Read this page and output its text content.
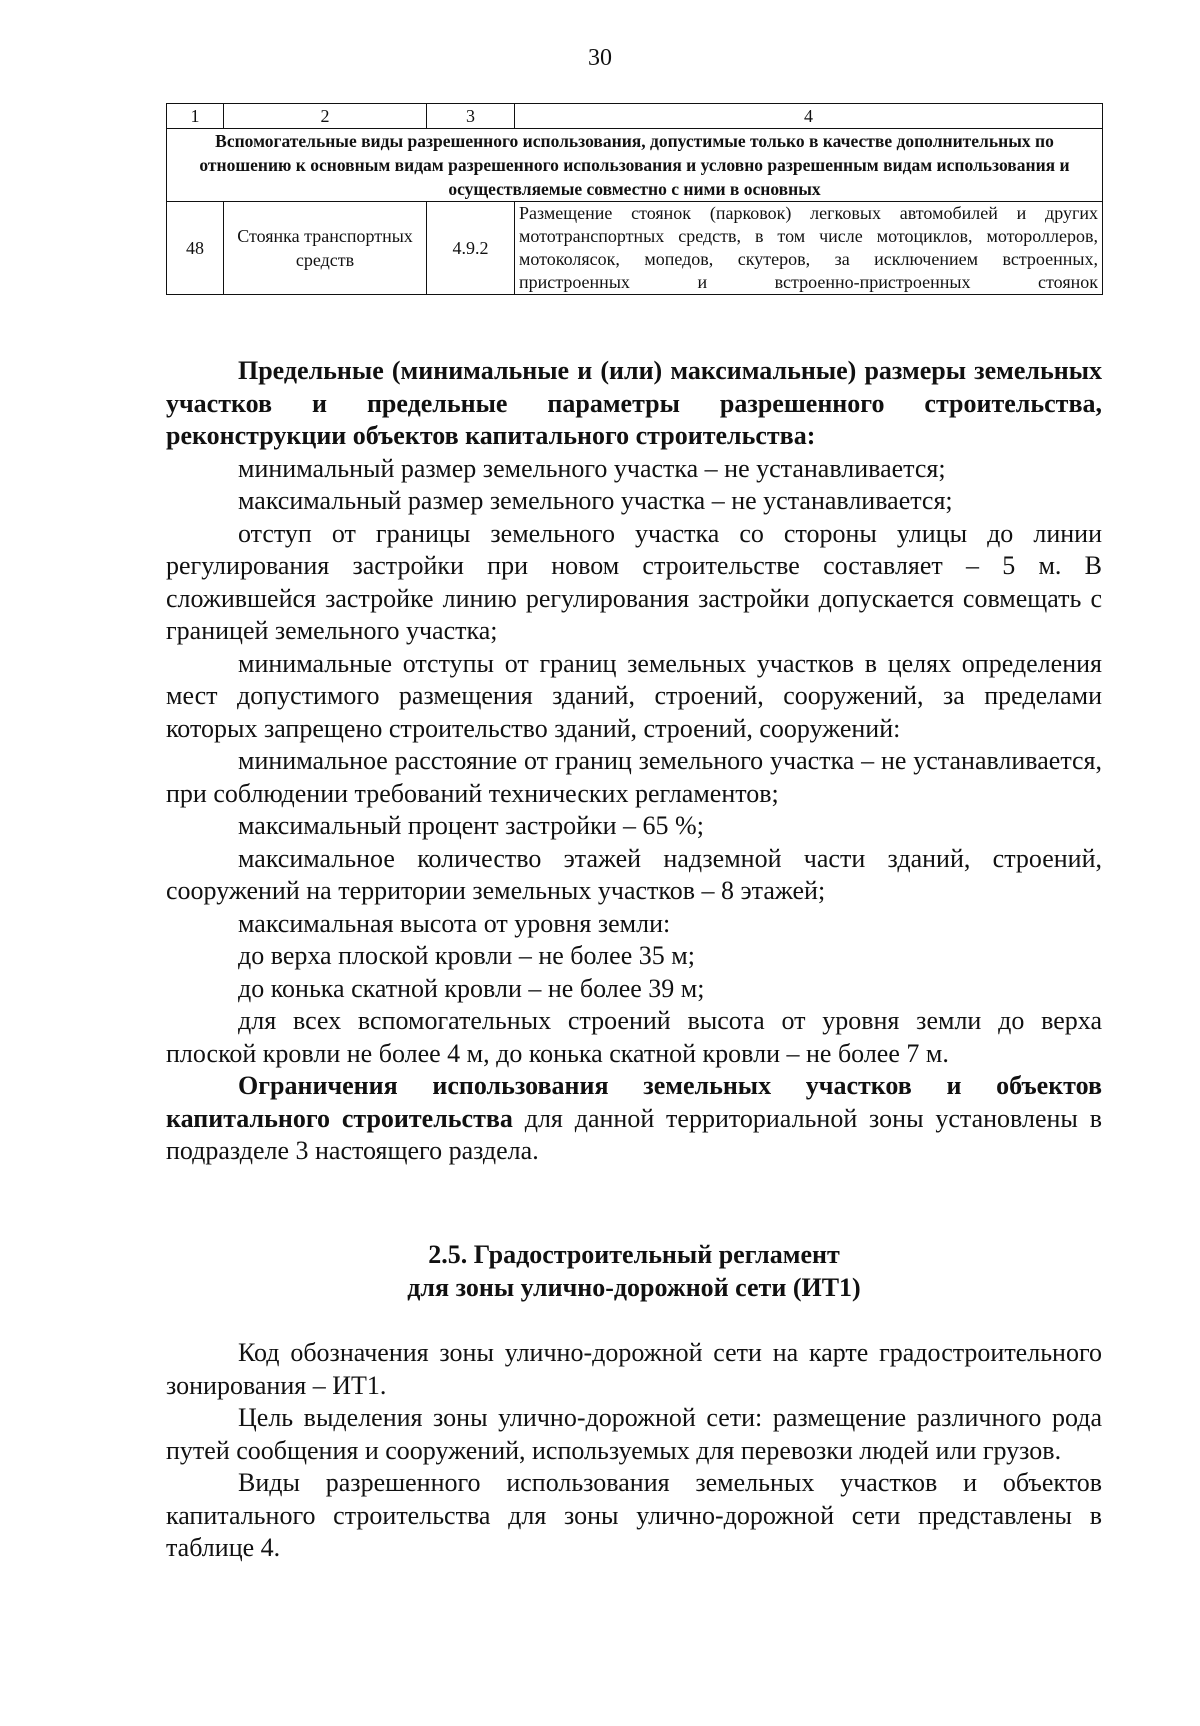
30
1	2	3	4

Вспомогательные виды разрешенного использования, допустимые только в качестве дополнительных по отношению к основным видам разрешенного использования и условно разрешенным видам использования и осуществляемые совместно с ними в основных			

48	Стоянка транспортных средств	4.9.2	Размещение стоянок (парковок) легковых автомобилей и других мототранспортных средств, в том числе мотоциклов, мотороллеров, мотоколясок, мопедов, скутеров, за исключением встроенных, пристроенных и встроенно-пристроенных стоянок

Предельные (минимальные и (или) максимальные) размеры земельных участков и предельные параметры разрешенного строительства, реконструкции объектов капитального строительства:

минимальный размер земельного участка – не устанавливается;

максимальный размер земельного участка – не устанавливается;

отступ от границы земельного участка со стороны улицы до линии регулирования застройки при новом строительстве составляет – 5 м. В сложившейся застройке линию регулирования застройки допускается совмещать с границей земельного участка;

минимальные отступы от границ земельных участков в целях определения мест допустимого размещения зданий, строений, сооружений, за пределами которых запрещено строительство зданий, строений, сооружений:

минимальное расстояние от границ земельного участка – не устанавливается, при соблюдении требований технических регламентов;

максимальный процент застройки – 65 %;

максимальное количество этажей надземной части зданий, строений, сооружений на территории земельных участков – 8 этажей;

максимальная высота от уровня земли:

до верха плоской кровли – не более 35 м;

до конька скатной кровли – не более 39 м;

для всех вспомогательных строений высота от уровня земли до верха плоской кровли не более 4 м, до конька скатной кровли – не более 7 м.

Ограничения использования земельных участков и объектов капитального строительства для данной территориальной зоны установлены в подразделе 3 настоящего раздела.

2.5. Градостроительный регламент

для зоны улично-дорожной сети (ИТ1)

Код обозначения зоны улично-дорожной сети на карте градостроительного зонирования – ИТ1.

Цель выделения зоны улично-дорожной сети: размещение различного рода путей сообщения и сооружений, используемых для перевозки людей или грузов.

Виды разрешенного использования земельных участков и объектов капитального строительства для зоны улично-дорожной сети представлены в таблице 4.
